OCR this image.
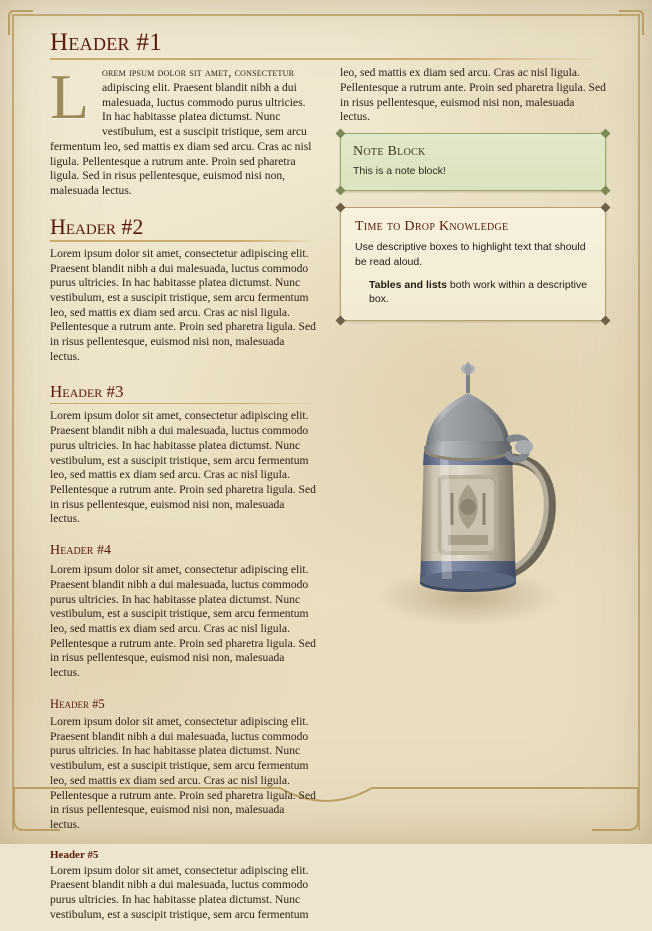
Header #1
L	orem ipsum dolor sit amet, consectetur adipiscing elit. Praesent blandit nibh a dui malesuada, luctus commodo purus ultricies. In hac habitasse platea dictumst. Nunc vestibulum, est a suscipit tristique, sem arcu fermentum leo, sed mattis ex diam sed arcu. Cras ac nisl ligula. Pellentesque a rutrum ante. Proin sed pharetra ligula. Sed in risus pellentesque, euismod nisi non, malesuada lectus.

Header #2

Lorem ipsum dolor sit amet, consectetur adipiscing elit. Praesent blandit nibh a dui malesuada, luctus commodo purus ultricies. In hac habitasse platea dictumst. Nunc vestibulum, est a suscipit tristique, sem arcu fermentum leo, sed mattis ex diam sed arcu. Cras ac nisl ligula. Pellentesque a rutrum ante. Proin sed pharetra ligula. Sed in risus pellentesque, euismod nisi non, malesuada lectus.

Header #3

Lorem ipsum dolor sit amet, consectetur adipiscing elit. Praesent blandit nibh a dui malesuada, luctus commodo purus ultricies. In hac habitasse platea dictumst. Nunc vestibulum, est a suscipit tristique, sem arcu fermentum leo, sed mattis ex diam sed arcu. Cras ac nisl ligula. Pellentesque a rutrum ante. Proin sed pharetra ligula. Sed in risus pellentesque, euismod nisi non, malesuada lectus.

Header #4

Lorem ipsum dolor sit amet, consectetur adipiscing elit. Praesent blandit nibh a dui malesuada, luctus commodo purus ultricies. In hac habitasse platea dictumst. Nunc vestibulum, est a suscipit tristique, sem arcu fermentum leo, sed mattis ex diam sed arcu. Cras ac nisl ligula. Pellentesque a rutrum ante. Proin sed pharetra ligula. Sed in risus pellentesque, euismod nisi non, malesuada lectus.

Header #5

Lorem ipsum dolor sit amet, consectetur adipiscing elit. Praesent blandit nibh a dui malesuada, luctus commodo purus ultricies. In hac habitasse platea dictumst. Nunc vestibulum, est a suscipit tristique, sem arcu fermentum leo, sed mattis ex diam sed arcu. Cras ac nisl ligula. Pellentesque a rutrum ante. Proin sed pharetra ligula. Sed in risus pellentesque, euismod nisi non, malesuada lectus.

Header #5

Lorem ipsum dolor sit amet, consectetur adipiscing elit. Praesent blandit nibh a dui malesuada, luctus commodo purus ultricies. In hac habitasse platea dictumst. Nunc vestibulum, est a suscipit tristique, sem arcu fermentum

leo, sed mattis ex diam sed arcu. Cras ac nisl ligula. Pellentesque a rutrum ante. Proin sed pharetra ligula. Sed in risus pellentesque, euismod nisi non, malesuada lectus.

Note Block

This is a note block!

Time to Drop Knowledge

Use descriptive boxes to highlight text that should be read aloud.

Tables and lists both work within a descriptive box.
